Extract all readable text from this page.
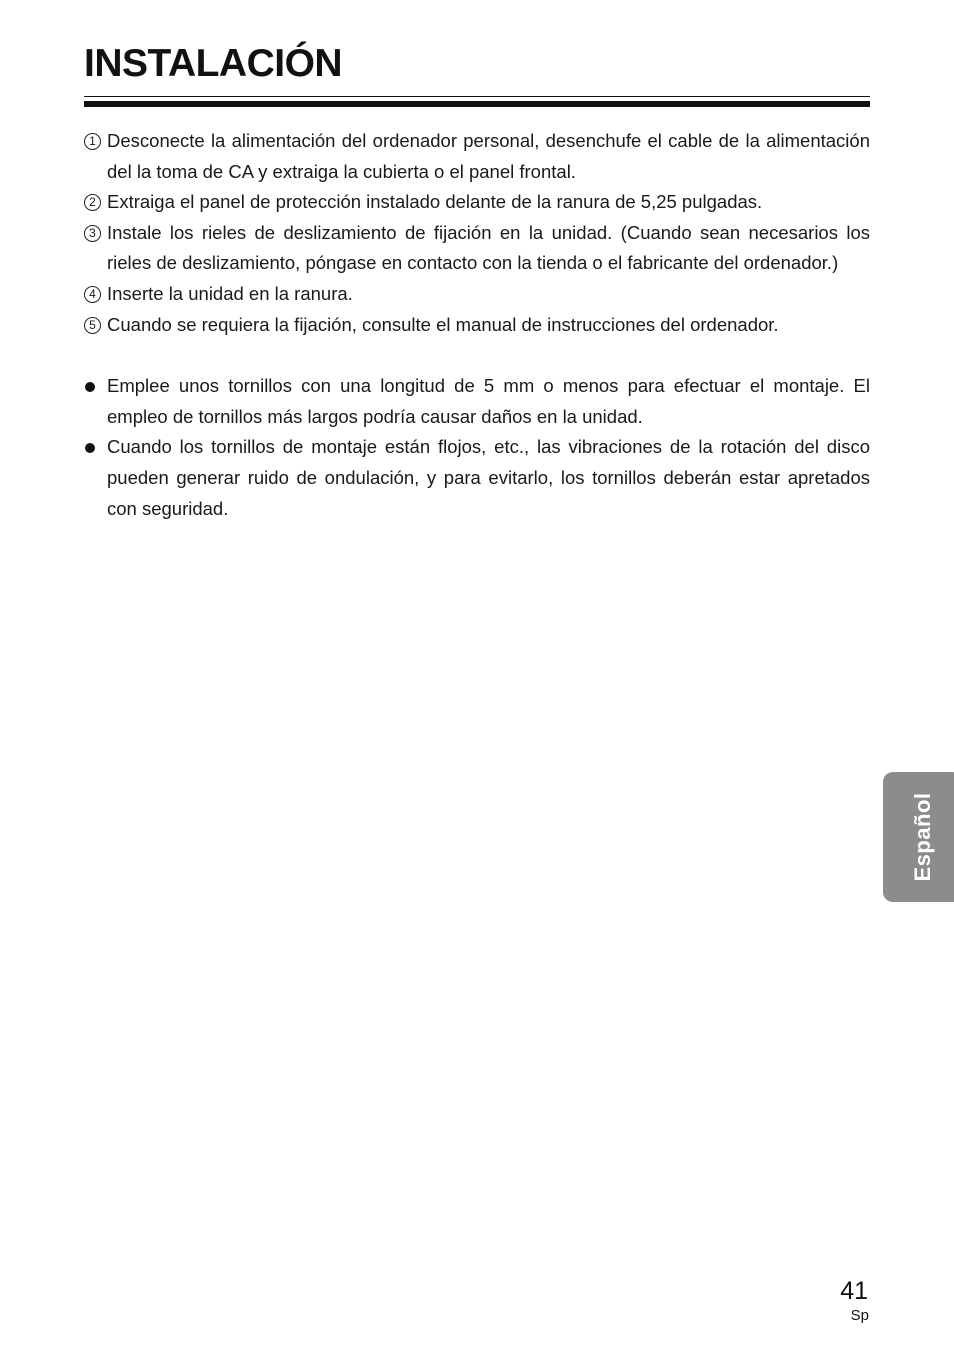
INSTALACIÓN
1 Desconecte la alimentación del ordenador personal, desenchufe el cable de la alimentación del la toma de CA y extraiga la cubierta o el panel frontal.
2 Extraiga el panel de protección instalado delante de la ranura de 5,25 pulgadas.
3 Instale los rieles de deslizamiento de fijación en la unidad. (Cuando sean necesarios los rieles de deslizamiento, póngase en contacto con la tienda o el fabricante del ordenador.)
4 Inserte la unidad en la ranura.
5 Cuando se requiera la fijación, consulte el manual de instrucciones del ordenador.
Emplee unos tornillos con una longitud de 5 mm o menos para efectuar el montaje. El empleo de tornillos más largos podría causar daños en la unidad.
Cuando los tornillos de montaje están flojos, etc., las vibraciones de la rotación del disco pueden generar ruido de ondulación, y para evitarlo, los tornillos deberán estar apretados con seguridad.
Español
41
Sp
